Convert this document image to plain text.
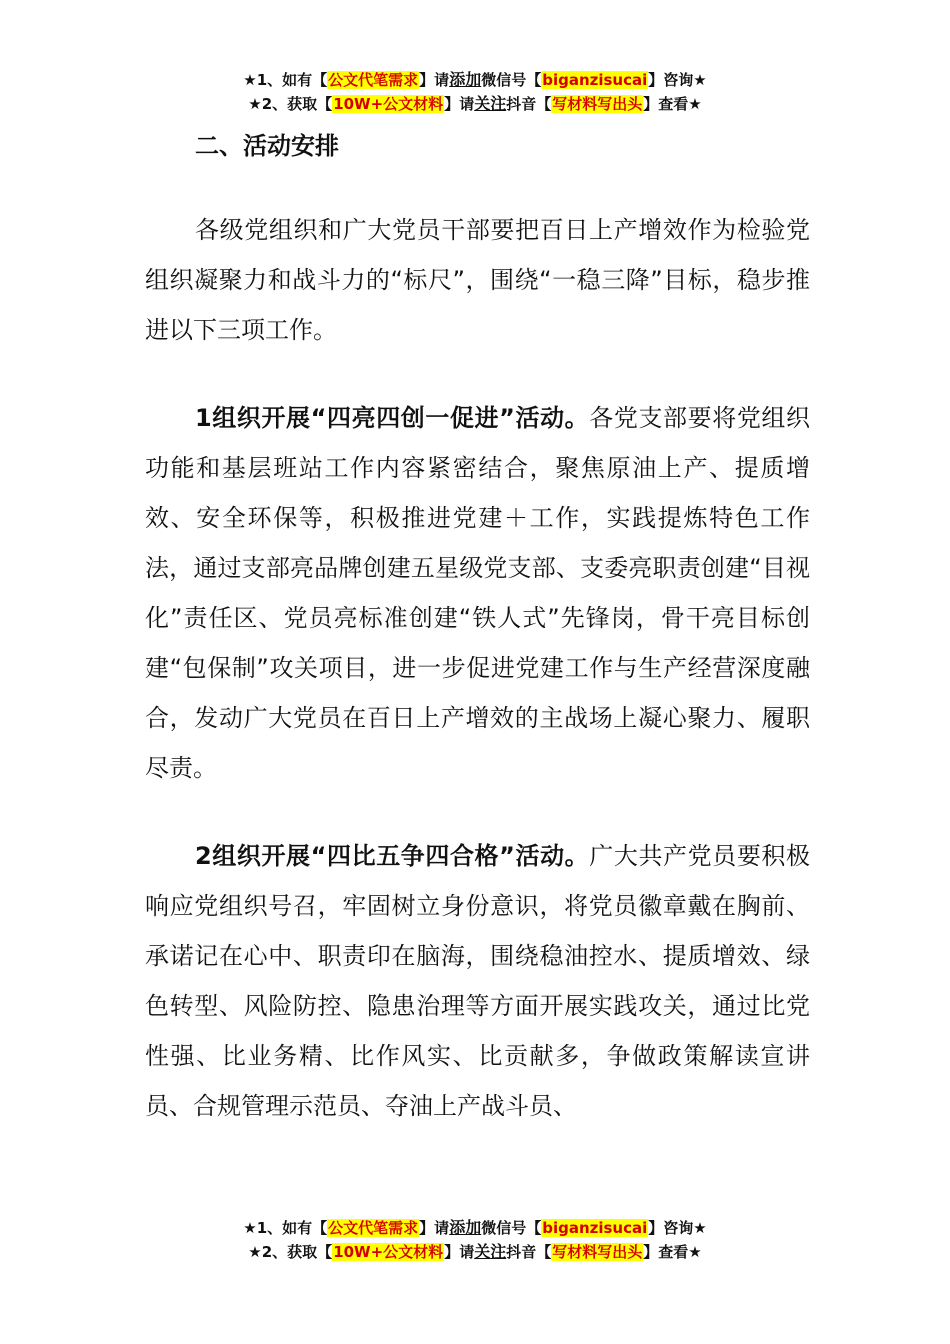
★1、如有【公文代笔需求】请添加微信号【biganzisucai】咨询★
★2、获取【10W+公文材料】请关注抖音【写材料写出头】查看★
二、活动安排

各级党组织和广大党员干部要把百日上产增效作为检验党组织凝聚力和战斗力的“标尺”，围绕“一稳三降”目标，稳步推进以下三项工作。

1组织开展“四亮四创一促进”活动。各党支部要将党组织功能和基层班站工作内容紧密结合，聚焦原油上产、提质增效、安全环保等，积极推进党建＋工作，实践提炼特色工作法，通过支部亮品牌创建五星级党支部、支委亮职责创建“目视化”责任区、党员亮标准创建“铁人式”先锋岗，骨干亮目标创建“包保制”攻关项目，进一步促进党建工作与生产经营深度融合，发动广大党员在百日上产增效的主战场上凝心聚力、履职尽责。

2组织开展“四比五争四合格”活动。广大共产党员要积极响应党组织号召，牢固树立身份意识，将党员徽章戴在胸前、承诺记在心中、职责印在脑海，围绕稳油控水、提质增效、绿色转型、风险防控、隐患治理等方面开展实践攻关，通过比党性强、比业务精、比作风实、比贡献多，争做政策解读宣讲员、合规管理示范员、夺油上产战斗员、

★1、如有【公文代笔需求】请添加微信号【biganzisucai】咨询★
★2、获取【10W+公文材料】请关注抖音【写材料写出头】查看★
